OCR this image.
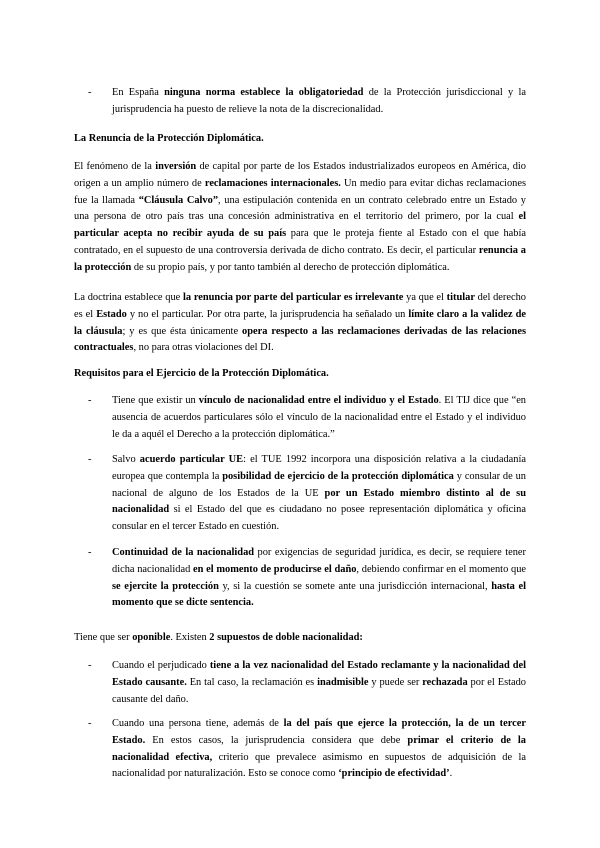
- En España ninguna norma establece la obligatoriedad de la Protección jurisdiccional y la jurisprudencia ha puesto de relieve la nota de la discrecionalidad.

La Renuncia de la Protección Diplomática.

El fenómeno de la inversión de capital por parte de los Estados industrializados europeos en América, dio origen a un amplio número de reclamaciones internacionales. Un medio para evitar dichas reclamaciones fue la llamada “Cláusula Calvo”, una estipulación contenida en un contrato celebrado entre un Estado y una persona de otro país tras una concesión administrativa en el territorio del primero, por la cual el particular acepta no recibir ayuda de su país para que le proteja fiente al Estado con el que había contratado, en el supuesto de una controversia derivada de dicho contrato. Es decir, el particular renuncia a la protección de su propio país, y por tanto también al derecho de protección diplomática.

La doctrina establece que la renuncia por parte del particular es irrelevante ya que el titular del derecho es el Estado y no el particular. Por otra parte, la jurisprudencia ha señalado un límite claro a la validez de la cláusula; y es que ésta únicamente opera respecto a las reclamaciones derivadas de las relaciones contractuales, no para otras violaciones del DI.

Requisitos para el Ejercicio de la Protección Diplomática.

- Tiene que existir un vínculo de nacionalidad entre el individuo y el Estado. El TIJ dice que “en ausencia de acuerdos particulares sólo el vínculo de la nacionalidad entre el Estado y el individuo le da a aquél el Derecho a la protección diplomática.”
- Salvo acuerdo particular UE: el TUE 1992 incorpora una disposición relativa a la ciudadanía europea que contempla la posibilidad de ejercicio de la protección diplomática y consular de un nacional de alguno de los Estados de la UE por un Estado miembro distinto al de su nacionalidad si el Estado del que es ciudadano no posee representación diplomática y oficina consular en el tercer Estado en cuestión.
- Continuidad de la nacionalidad por exigencias de seguridad jurídica, es decir, se requiere tener dicha nacionalidad en el momento de producirse el daño, debiendo confirmar en el momento que se ejercite la protección y, si la cuestión se somete ante una jurisdicción internacional, hasta el momento que se dicte sentencia.

Tiene que ser oponible. Existen 2 supuestos de doble nacionalidad:

- Cuando el perjudicado tiene a la vez nacionalidad del Estado reclamante y la nacionalidad del Estado causante. En tal caso, la reclamación es inadmisible y puede ser rechazada por el Estado causante del daño.
- Cuando una persona tiene, además de la del país que ejerce la protección, la de un tercer Estado. En estos casos, la jurisprudencia considera que debe primar el criterio de la nacionalidad efectiva, criterio que prevalece asimismo en supuestos de adquisición de la nacionalidad por naturalización. Esto se conoce como ‘principio de efectividad’.
